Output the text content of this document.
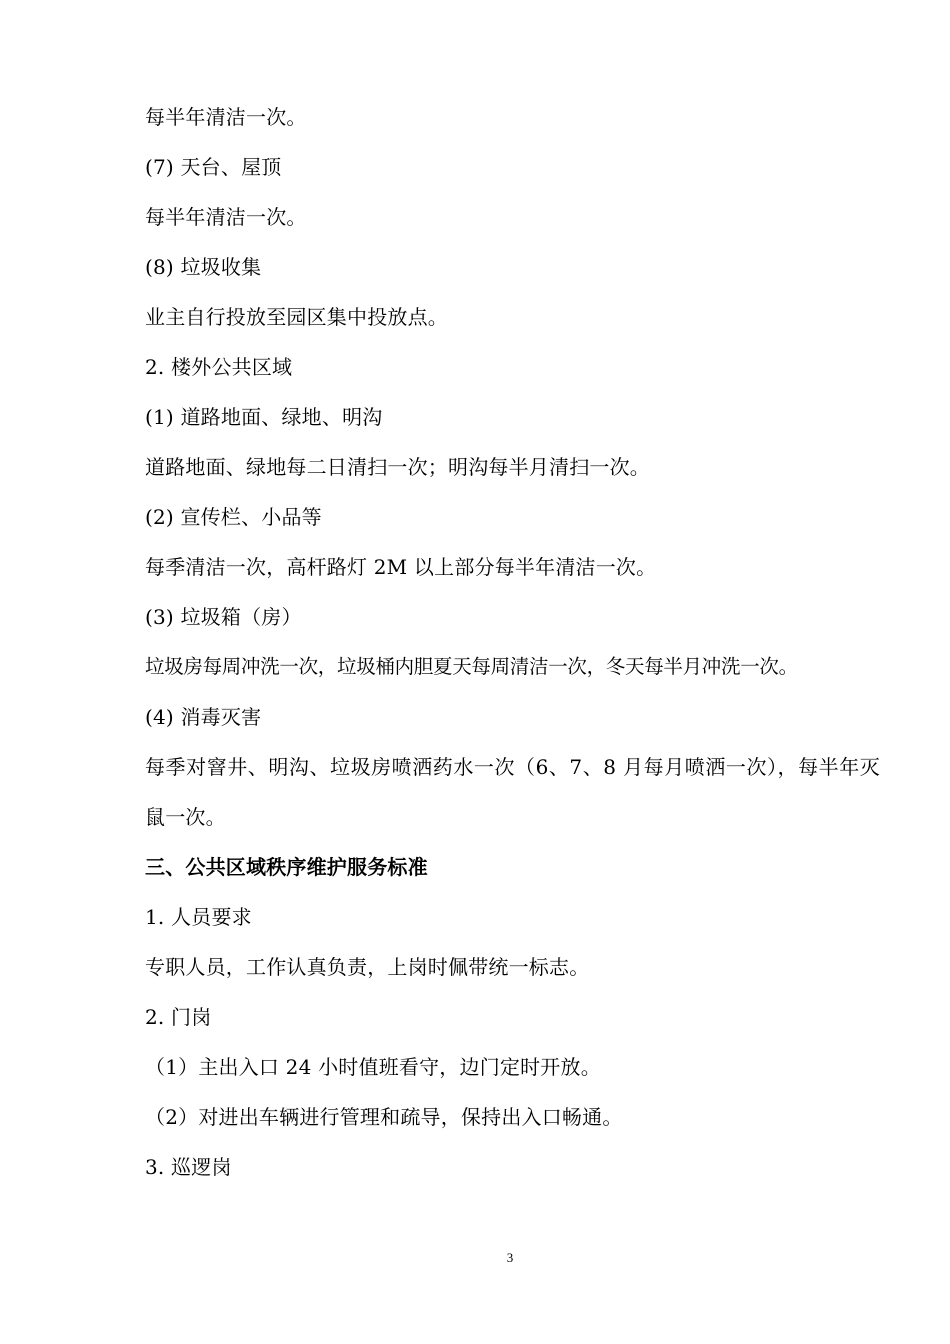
每半年清洁一次。
(7) 天台、屋顶
每半年清洁一次。
(8) 垃圾收集
业主自行投放至园区集中投放点。
2. 楼外公共区域
(1) 道路地面、绿地、明沟
道路地面、绿地每二日清扫一次；明沟每半月清扫一次。
(2) 宣传栏、小品等
每季清洁一次，高杆路灯 2M 以上部分每半年清洁一次。
(3) 垃圾箱（房）
垃圾房每周冲洗一次，垃圾桶内胆夏天每周清洁一次，冬天每半月冲洗一次。
(4) 消毒灭害
每季对窨井、明沟、垃圾房喷洒药水一次（6、7、8 月每月喷洒一次），每半年灭鼠一次。
三、公共区域秩序维护服务标准
1. 人员要求
专职人员，工作认真负责，上岗时佩带统一标志。
2. 门岗
（1）主出入口 24 小时值班看守，边门定时开放。
（2）对进出车辆进行管理和疏导，保持出入口畅通。
3. 巡逻岗
3
